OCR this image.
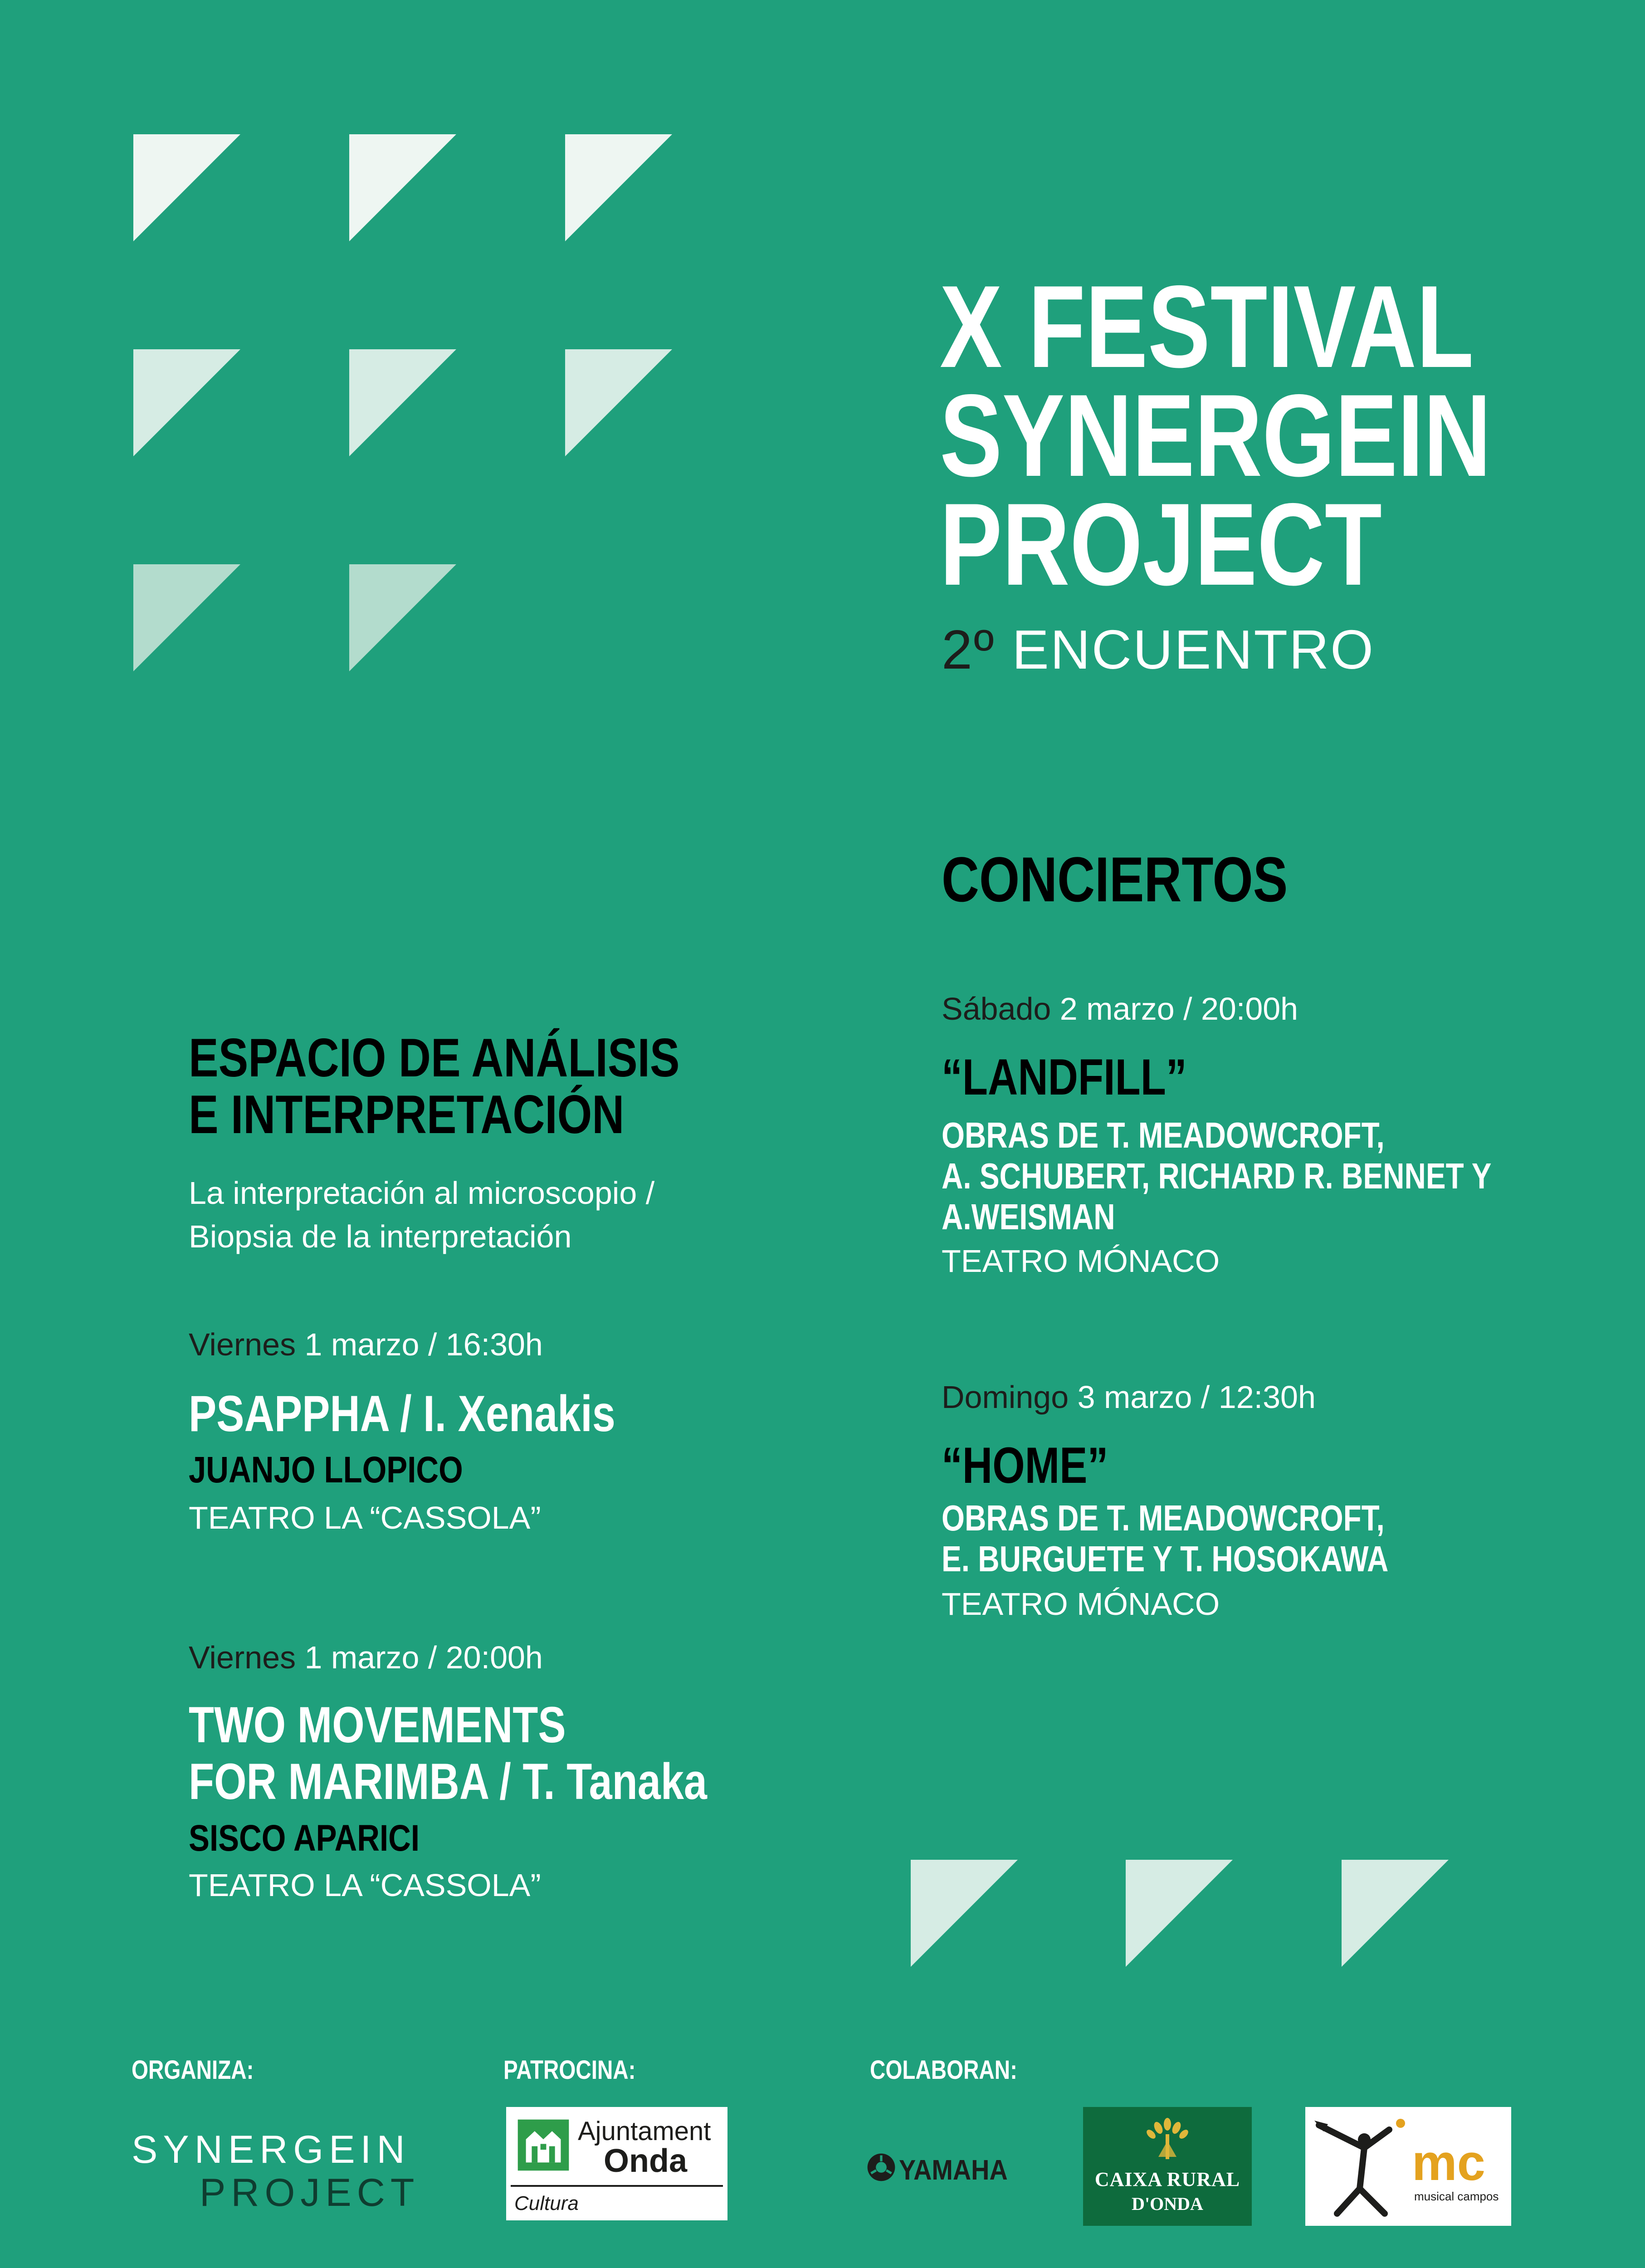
X FESTIVAL
SYNERGEIN
PROJECT
2º ENCUENTRO
CONCIERTOS
ESPACIO DE ANÁLISIS
E INTERPRETACIÓN
La interpretación al microscopio /
Biopsia de la interpretación
Viernes 1 marzo / 16:30h
PSAPPHA / I. Xenakis
JUANJO LLOPICO
TEATRO LA “CASSOLA”
Viernes 1 marzo / 20:00h
TWO MOVEMENTS
FOR MARIMBA / T. Tanaka
SISCO APARICI
TEATRO LA “CASSOLA”
Sábado 2 marzo / 20:00h
“LANDFILL”
OBRAS DE T. MEADOWCROFT,
A. SCHUBERT, RICHARD R. BENNET Y
A.WEISMAN
TEATRO MÓNACO
Domingo 3 marzo / 12:30h
“HOME”
OBRAS DE T. MEADOWCROFT,
E. BURGUETE Y T. HOSOKAWA
TEATRO MÓNACO
ORGANIZA:	PATROCINA:	COLABORAN:
SYNERGEIN
PROJECT
Ajuntament
Onda
Cultura
YAMAHA	CAIXA RURAL
D'ONDA
mc
musical campos
